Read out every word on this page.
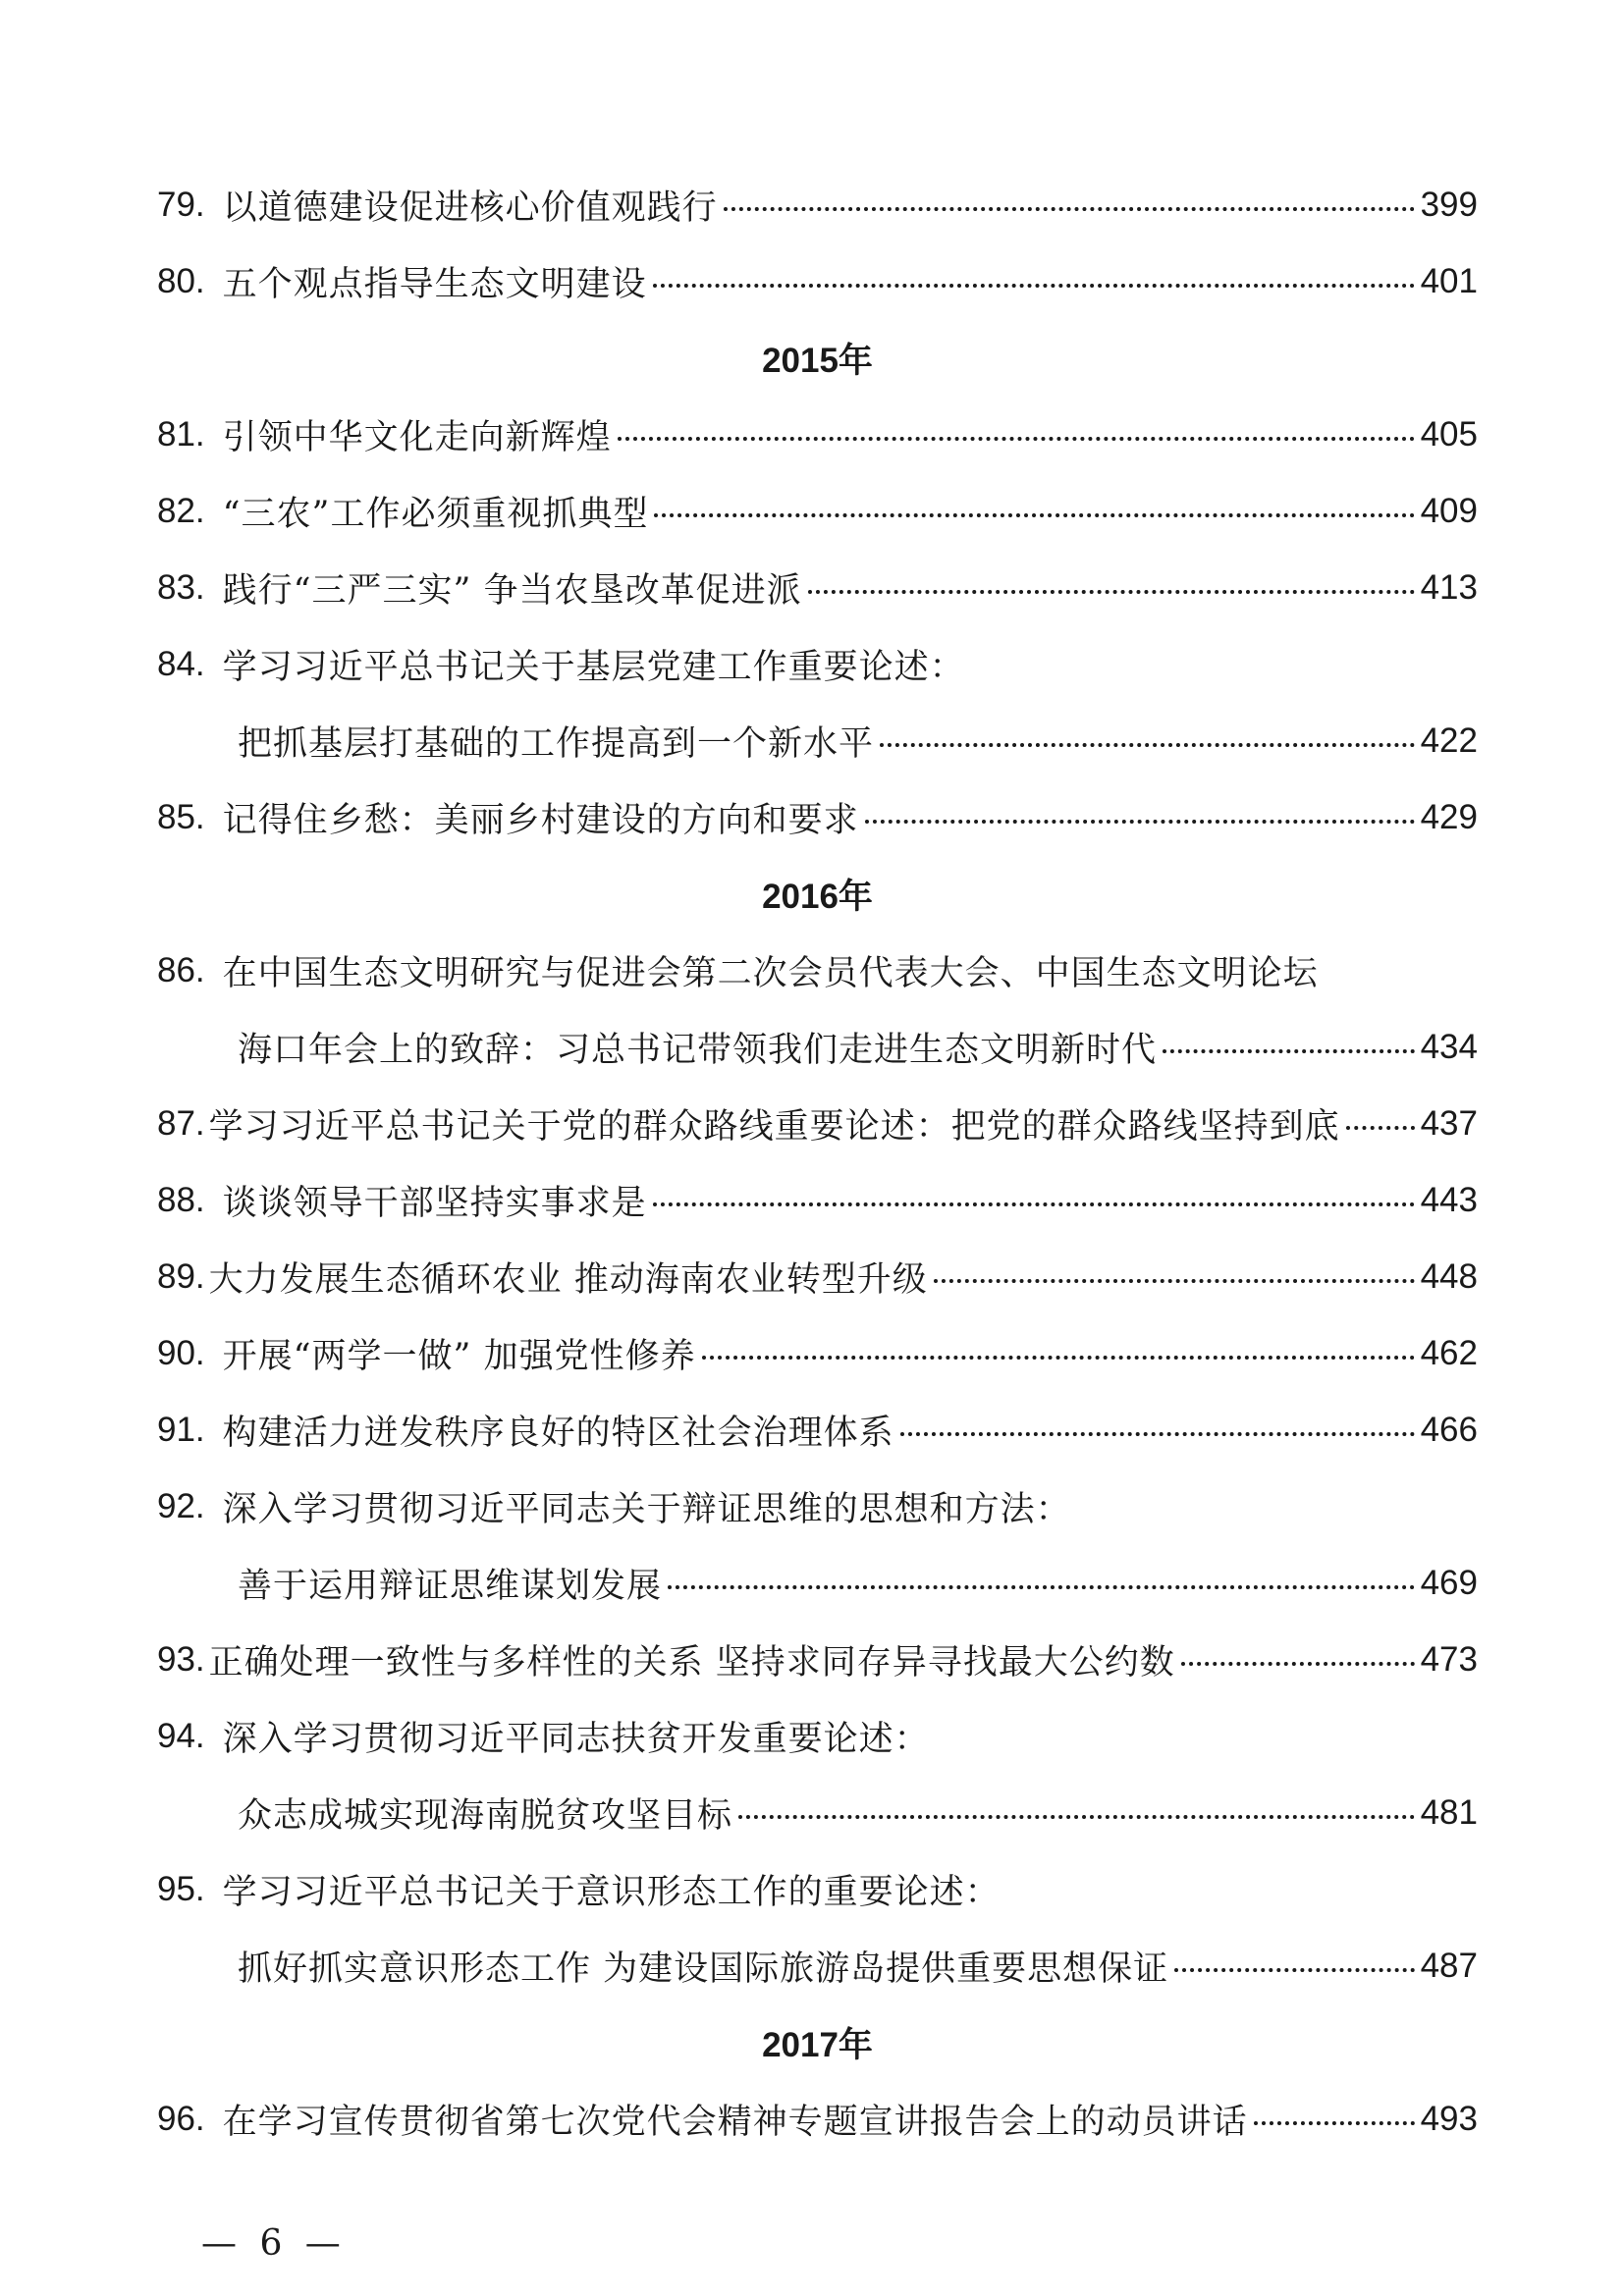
79. 以道德建设促进核心价值观践行	399
80. 五个观点指导生态文明建设	401
2015年
81. 引领中华文化走向新辉煌	405
82. “三农”工作必须重视抓典型	409
83. 践行“三严三实” 争当农垦改革促进派	413
84. 学习习近平总书记关于基层党建工作重要论述：
把抓基层打基础的工作提高到一个新水平	422
85. 记得住乡愁：美丽乡村建设的方向和要求	429
2016年
86. 在中国生态文明研究与促进会第二次会员代表大会、中国生态文明论坛
海口年会上的致辞：习总书记带领我们走进生态文明新时代	434
87. 学习习近平总书记关于党的群众路线重要论述：把党的群众路线坚持到底 437
88. 谈谈领导干部坚持实事求是	443
89. 大力发展生态循环农业 推动海南农业转型升级	448
90. 开展“两学一做” 加强党性修养	462
91. 构建活力迸发秩序良好的特区社会治理体系	466
92. 深入学习贯彻习近平同志关于辩证思维的思想和方法：
善于运用辩证思维谋划发展	469
93. 正确处理一致性与多样性的关系 坚持求同存异寻找最大公约数	473
94. 深入学习贯彻习近平同志扶贫开发重要论述：
众志成城实现海南脱贫攻坚目标	481
95. 学习习近平总书记关于意识形态工作的重要论述：
抓好抓实意识形态工作 为建设国际旅游岛提供重要思想保证	487
2017年
96. 在学习宣传贯彻省第七次党代会精神专题宣讲报告会上的动员讲话	493
— 6 —
